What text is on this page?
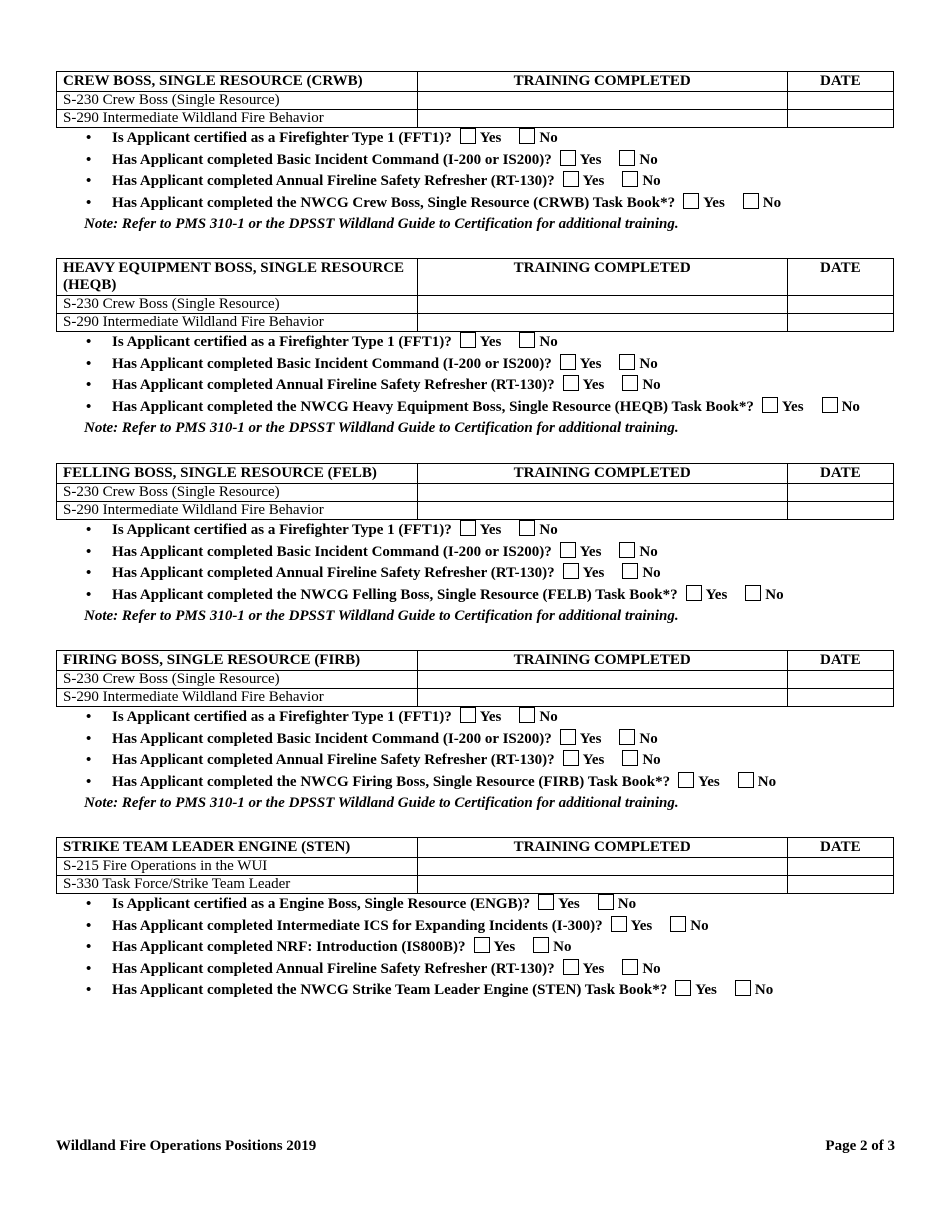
CREW BOSS, SINGLE RESOURCE (CRWB)	TRAINING COMPLETED	DATE
S-230 Crew Boss (Single Resource)		
S-290 Intermediate Wildland Fire Behavior		
• Is Applicant certified as a Firefighter Type 1 (FFT1)? Yes	No
• Has Applicant completed Basic Incident Command (I-200 or IS200)? Yes	No
• Has Applicant completed Annual Fireline Safety Refresher (RT-130)? Yes	No
• Has Applicant completed the NWCG Crew Boss, Single Resource (CRWB) Task Book*? Yes	No
Note: Refer to PMS 310-1 or the DPSST Wildland Guide to Certification for additional training.
HEAVY EQUIPMENT BOSS, SINGLE RESOURCE (HEQB)	TRAINING COMPLETED	DATE
S-230 Crew Boss (Single Resource)		
S-290 Intermediate Wildland Fire Behavior		
• Is Applicant certified as a Firefighter Type 1 (FFT1)? Yes	No
• Has Applicant completed Basic Incident Command (I-200 or IS200)? Yes	No
• Has Applicant completed Annual Fireline Safety Refresher (RT-130)? Yes	No
• Has Applicant completed the NWCG Heavy Equipment Boss, Single Resource (HEQB) Task Book*? Yes	No
Note: Refer to PMS 310-1 or the DPSST Wildland Guide to Certification for additional training.
FELLING BOSS, SINGLE RESOURCE (FELB)	TRAINING COMPLETED	DATE
S-230 Crew Boss (Single Resource)		
S-290 Intermediate Wildland Fire Behavior		
• Is Applicant certified as a Firefighter Type 1 (FFT1)? Yes	No
• Has Applicant completed Basic Incident Command (I-200 or IS200)? Yes	No
• Has Applicant completed Annual Fireline Safety Refresher (RT-130)? Yes	No
• Has Applicant completed the NWCG Felling Boss, Single Resource (FELB) Task Book*? Yes	No
Note: Refer to PMS 310-1 or the DPSST Wildland Guide to Certification for additional training.
FIRING BOSS, SINGLE RESOURCE (FIRB)	TRAINING COMPLETED	DATE
S-230 Crew Boss (Single Resource)		
S-290 Intermediate Wildland Fire Behavior		
• Is Applicant certified as a Firefighter Type 1 (FFT1)? Yes	No
• Has Applicant completed Basic Incident Command (I-200 or IS200)? Yes	No
• Has Applicant completed Annual Fireline Safety Refresher (RT-130)? Yes	No
• Has Applicant completed the NWCG Firing Boss, Single Resource (FIRB) Task Book*? Yes	No
Note: Refer to PMS 310-1 or the DPSST Wildland Guide to Certification for additional training.
STRIKE TEAM LEADER ENGINE (STEN)	TRAINING COMPLETED	DATE
S-215 Fire Operations in the WUI		
S-330 Task Force/Strike Team Leader		
• Is Applicant certified as a Engine Boss, Single Resource (ENGB)? Yes	No
• Has Applicant completed Intermediate ICS for Expanding Incidents (I-300)? Yes	No
• Has Applicant completed NRF: Introduction (IS800B)? Yes	No
• Has Applicant completed Annual Fireline Safety Refresher (RT-130)? Yes	No
• Has Applicant completed the NWCG Strike Team Leader Engine (STEN) Task Book*? Yes	No
Wildland Fire Operations Positions 2019	Page 2 of 3
